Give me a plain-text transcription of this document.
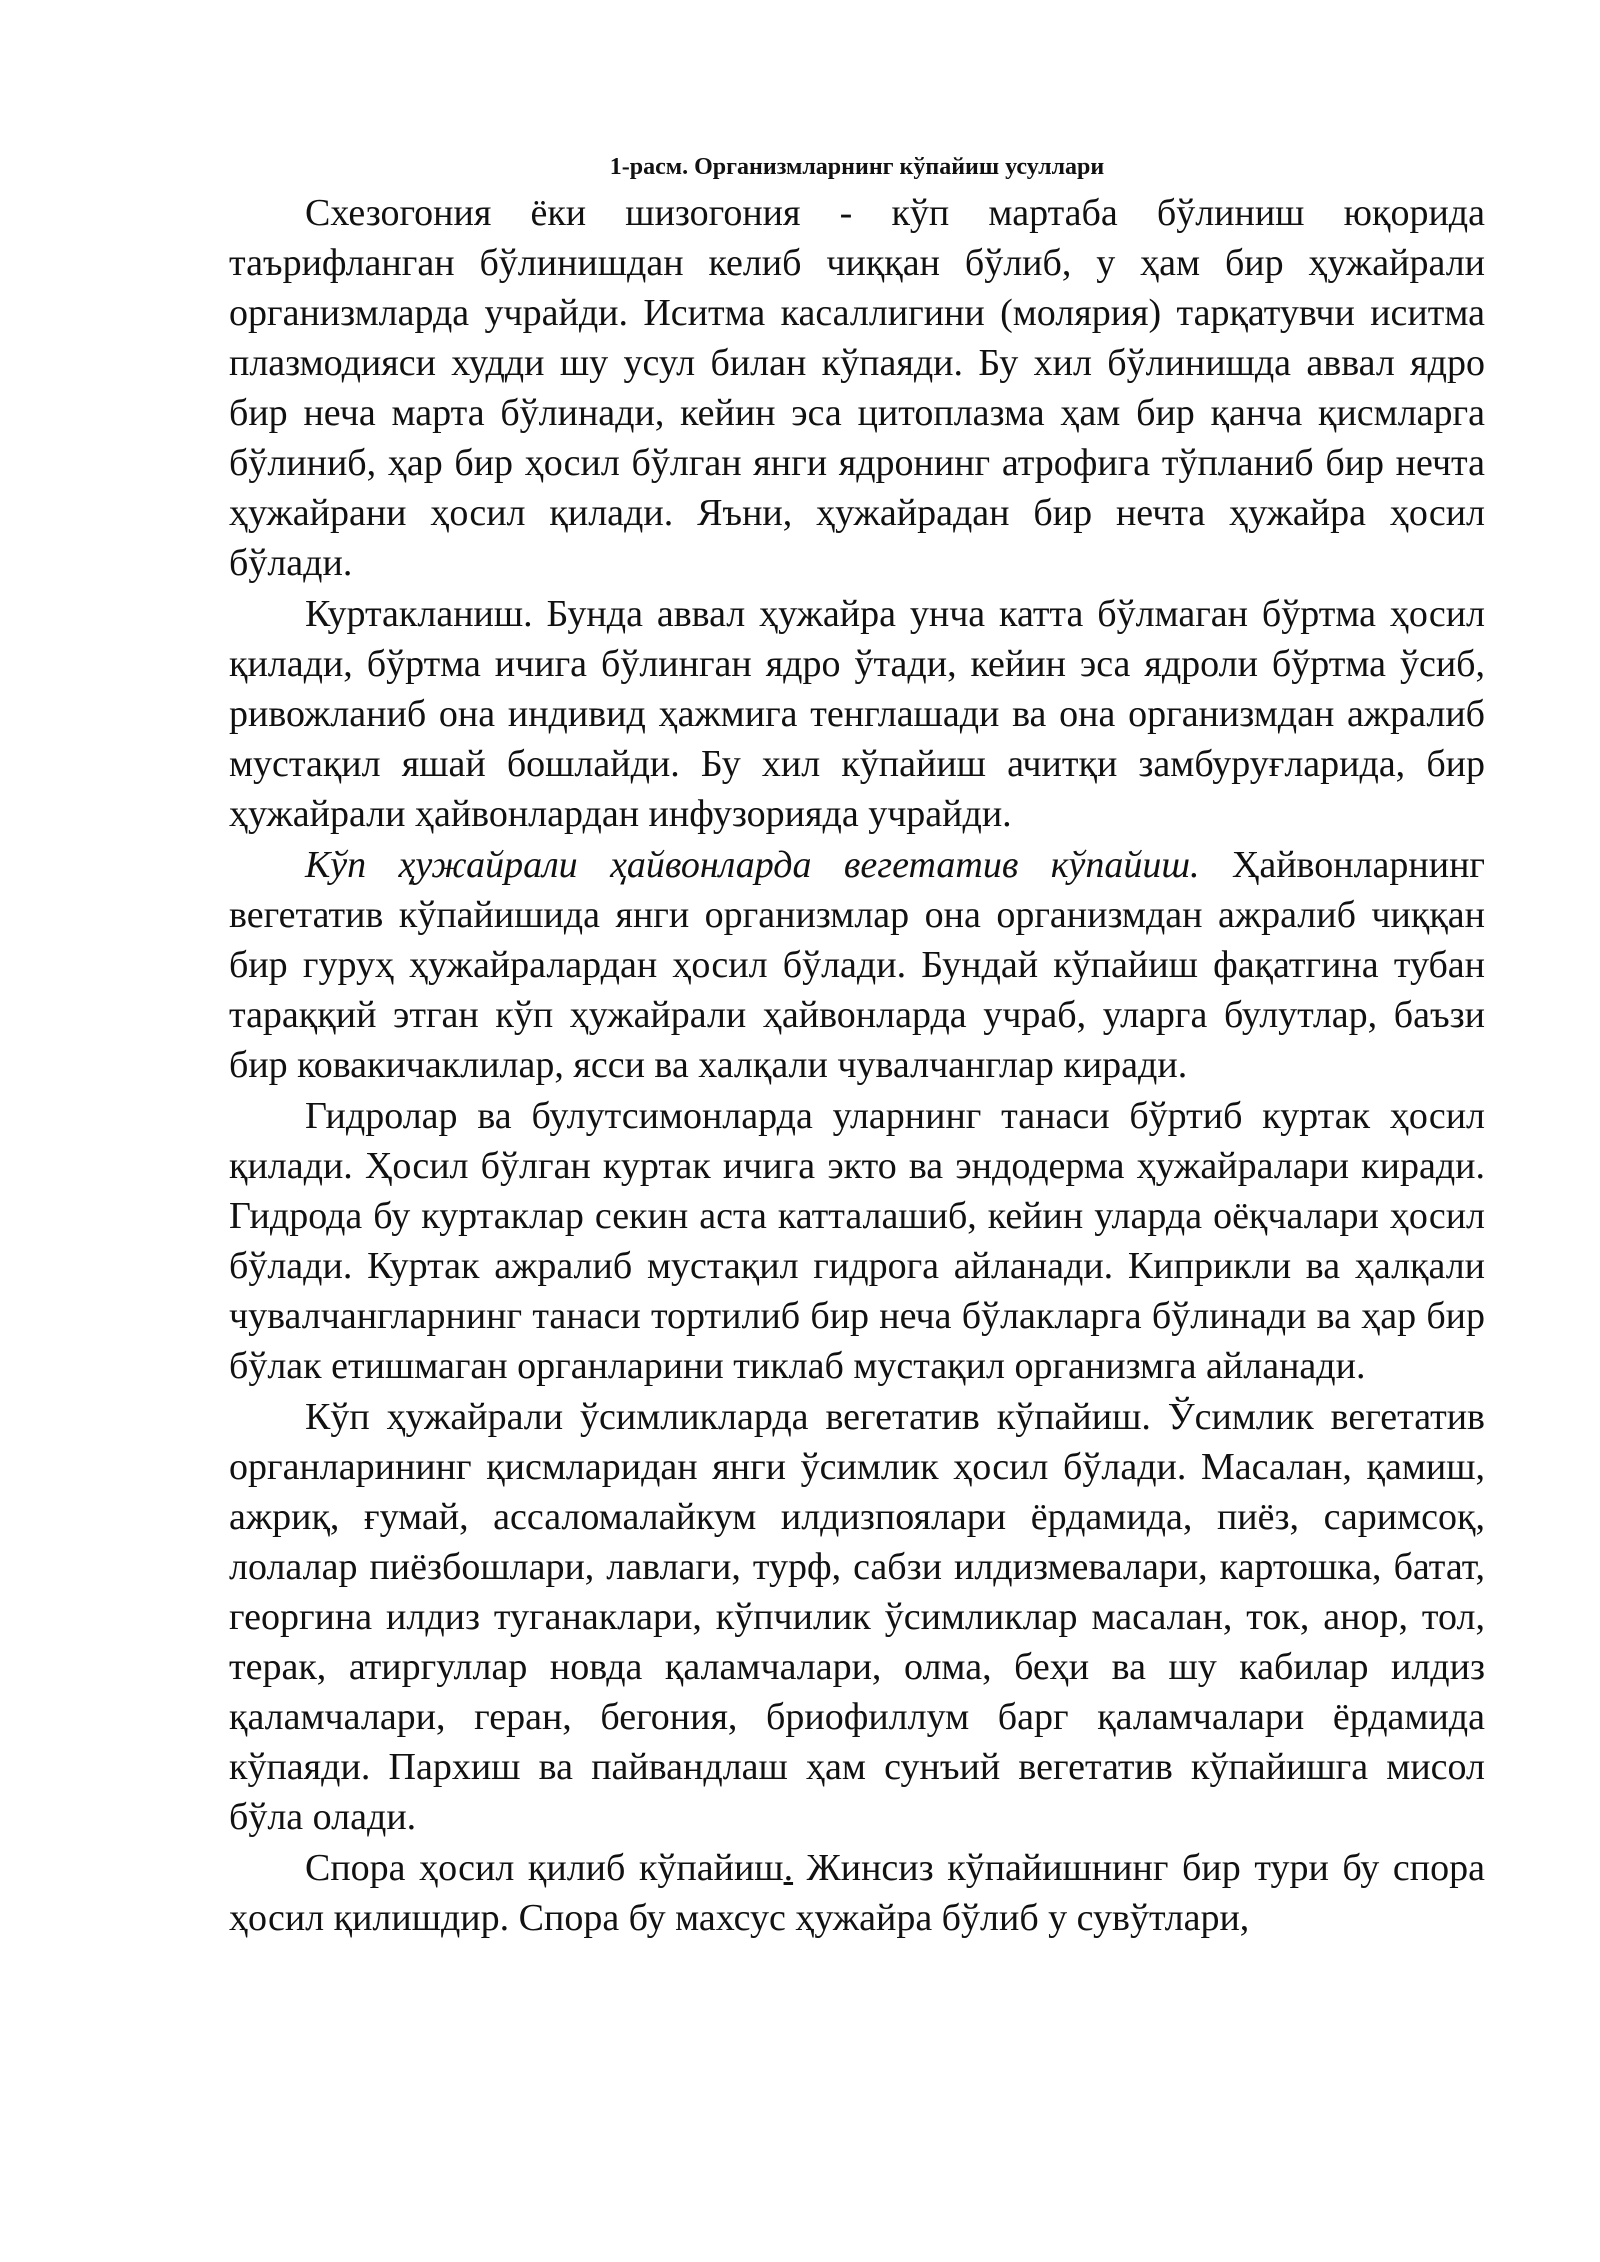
1-расм. Организмларнинг кўпайиш усуллари

Схезогония ёки шизогония - кўп мартаба бўлиниш юқорида таърифланган бўлинишдан келиб чиққан бўлиб, у ҳам бир ҳужайрали организмларда учрайди. Иситма касаллигини (молярия) тарқатувчи иситма плазмодияси худди шу усул билан кўпаяди. Бу хил бўлинишда аввал ядро бир неча марта бўлинади, кейин эса цитоплазма ҳам бир қанча қисмларга бўлиниб, ҳар бир ҳосил бўлган янги ядронинг атрофига тўпланиб бир нечта ҳужайрани ҳосил қилади. Яъни, ҳужайрадан бир нечта ҳужайра ҳосил бўлади.

Куртакланиш. Бунда аввал ҳужайра унча катта бўлмаган бўртма ҳосил қилади, бўртма ичига бўлинган ядро ўтади, кейин эса ядроли бўртма ўсиб, ривожланиб она индивид ҳажмига тенглашади ва она организмдан ажралиб мустақил яшай бошлайди. Бу хил кўпайиш ачитқи замбуруғларида, бир ҳужайрали ҳайвонлардан инфузорияда учрайди.

Кўп ҳужайрали ҳайвонларда вегетатив кўпайиш. Ҳайвонларнинг вегетатив кўпайишида янги организмлар она организмдан ажралиб чиққан бир гуруҳ ҳужайралардан ҳосил бўлади. Бундай кўпайиш фақатгина тубан тараққий этган кўп ҳужайрали ҳайвонларда учраб, уларга булутлар, баъзи бир ковакичаклилар, ясси ва халқали чувалчанглар киради.

Гидролар ва булутсимонларда уларнинг танаси бўртиб куртак ҳосил қилади. Ҳосил бўлган куртак ичига экто ва эндодерма ҳужайралари киради. Гидрода бу куртаклар секин аста катталашиб, кейин уларда оёқчалари ҳосил бўлади. Куртак ажралиб мустақил гидрога айланади. Киприкли ва ҳалқали чувалчангларнинг танаси тортилиб бир неча бўлакларга бўлинади ва ҳар бир бўлак етишмаган органларини тиклаб мустақил организмга айланади.

Кўп ҳужайрали ўсимликларда вегетатив кўпайиш. Ўсимлик вегетатив органларининг қисмларидан янги ўсимлик ҳосил бўлади. Масалан, қамиш, ажриқ, ғумай, ассаломалайкум илдизпоялари ёрдамида, пиёз, саримсоқ, лолалар пиёзбошлари, лавлаги, турф, сабзи илдизмевалари, картошка, батат, георгина илдиз туганаклари, кўпчилик ўсимликлар масалан, ток, анор, тол, терак, атиргуллар новда қаламчалари, олма, беҳи ва шу кабилар илдиз қаламчалари, геран, бегония, бриофиллум барг қаламчалари ёрдамида кўпаяди. Пархиш ва пайвандлаш ҳам сунъий вегетатив кўпайишга мисол бўла олади.

Спора ҳосил қилиб кўпайиш. Жинсиз кўпайишнинг бир тури бу спора ҳосил қилишдир. Спора бу махсус ҳужайра бўлиб у сувўтлари,
